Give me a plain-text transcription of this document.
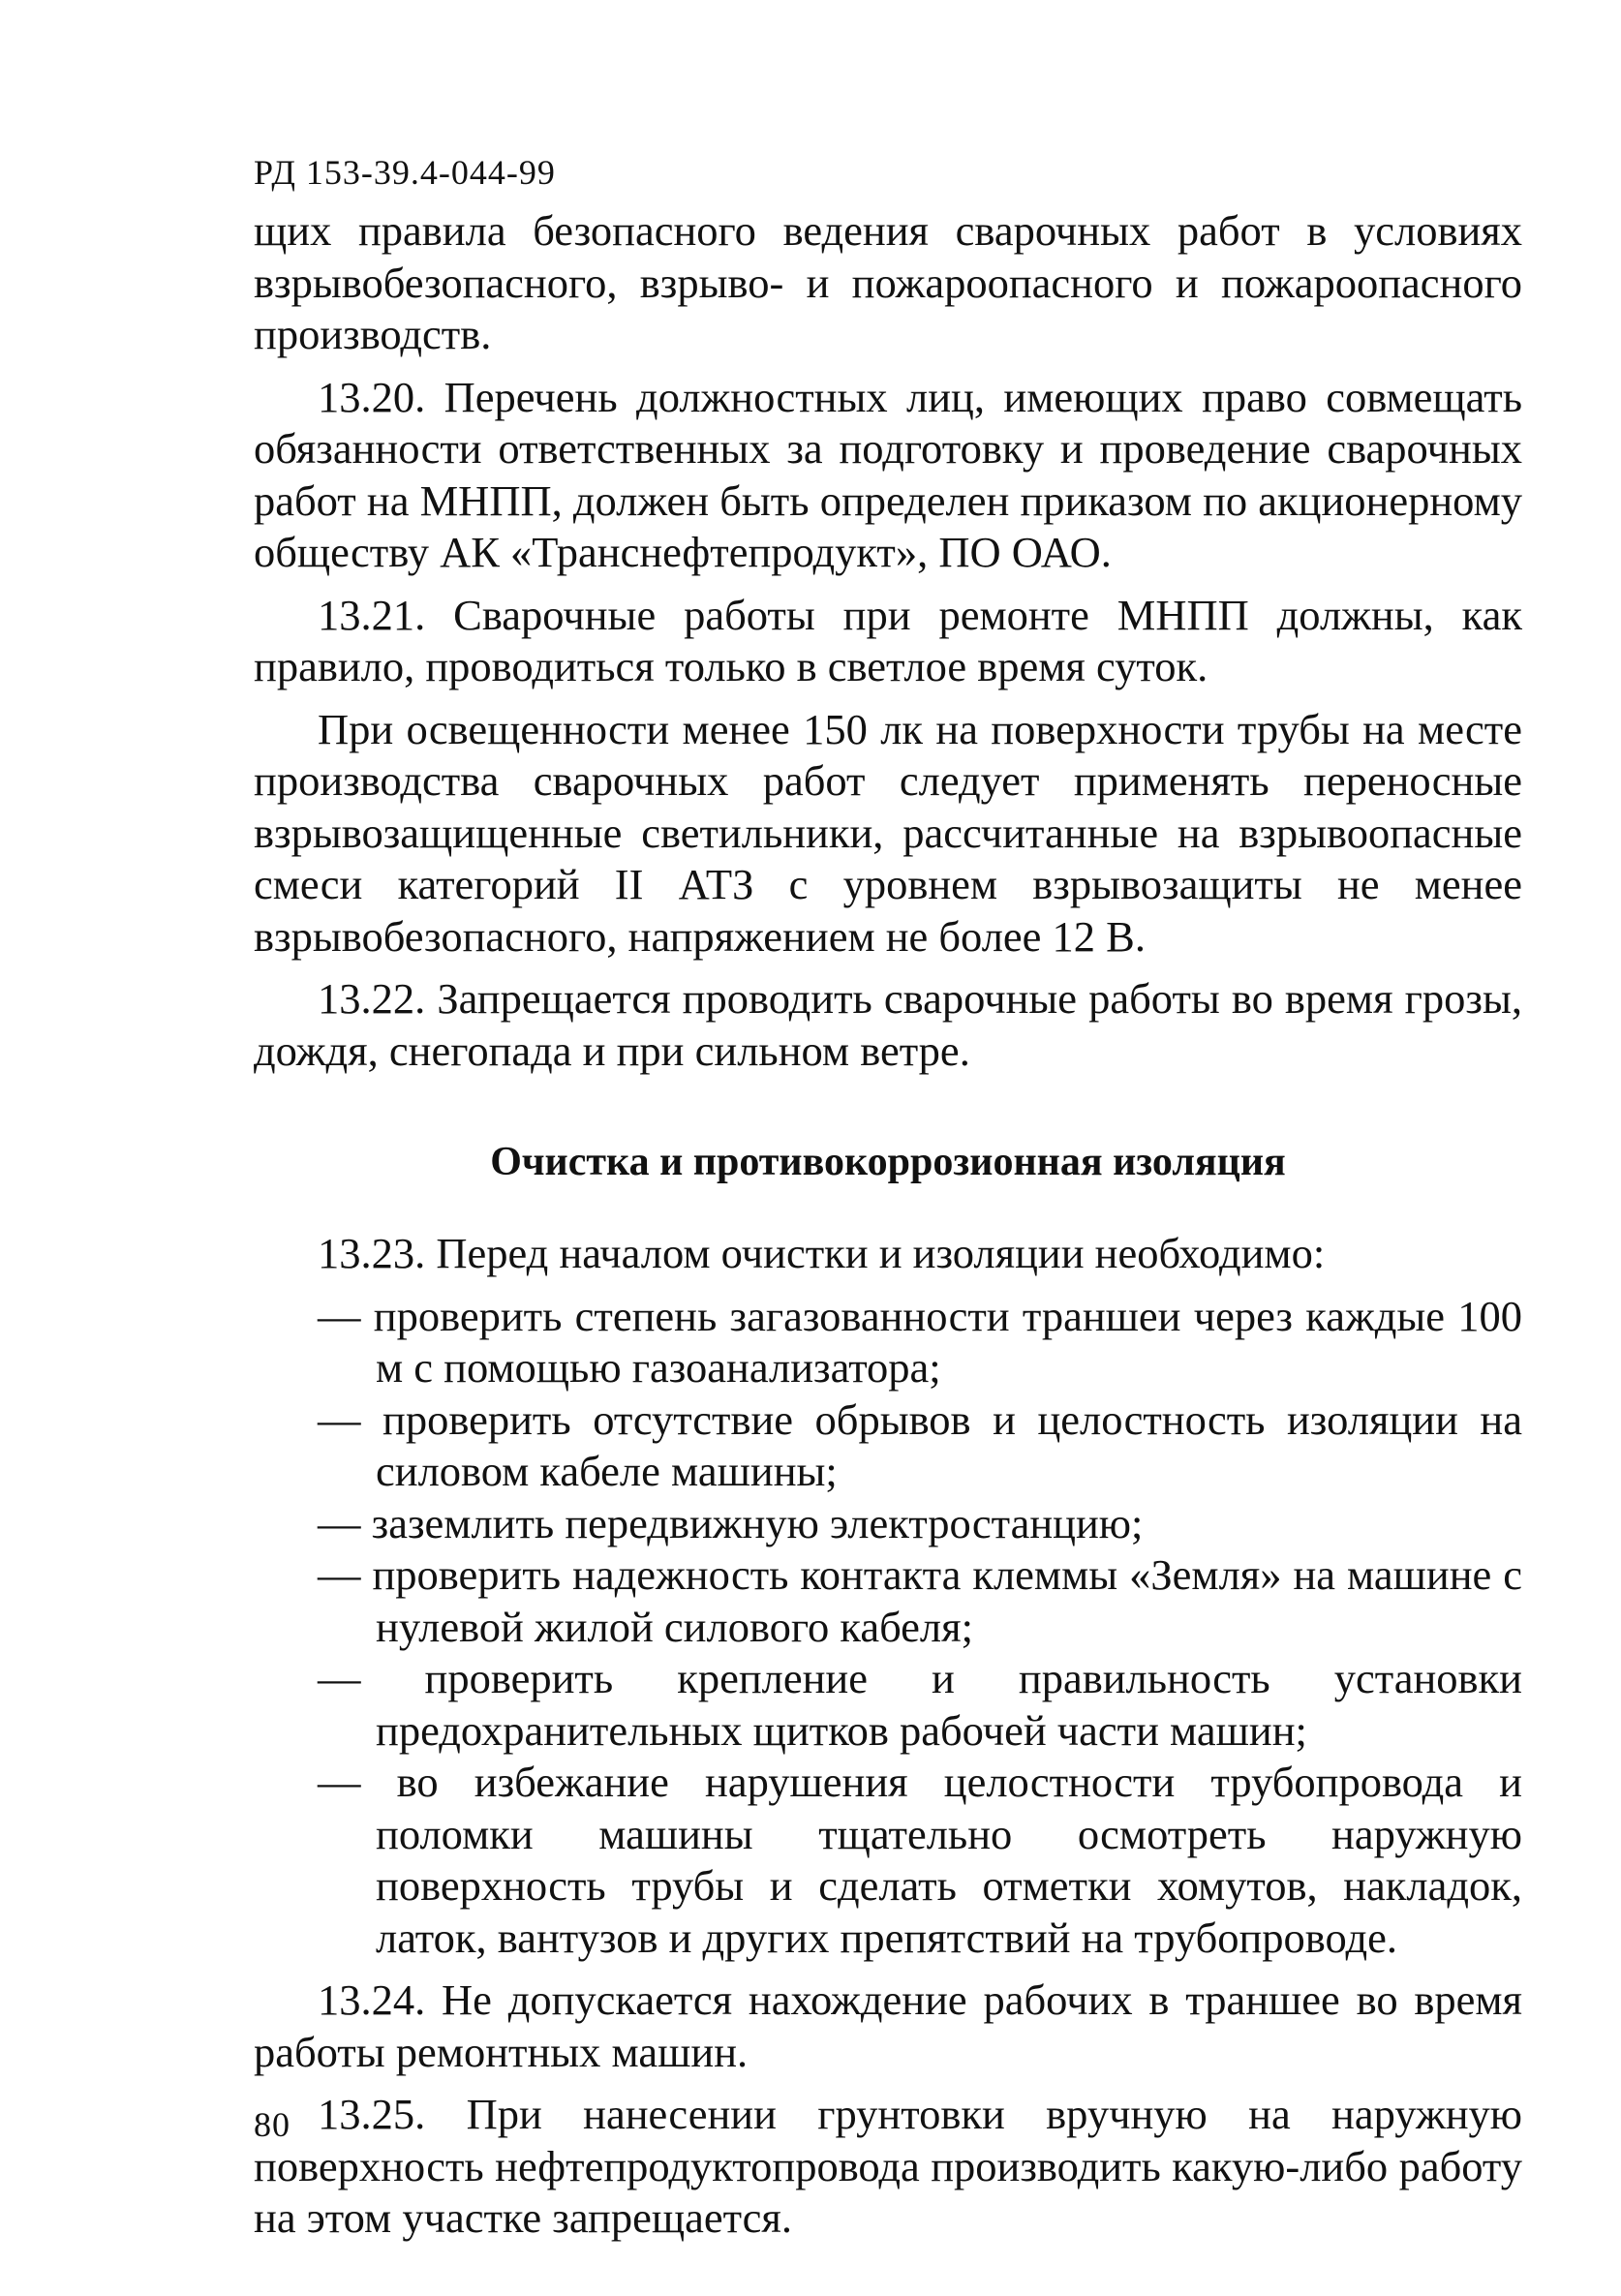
РД 153-39.4-044-99

щих правила безопасного ведения сварочных работ в условиях взрывобезопасного, взрыво- и пожароопасного и пожароопасного производств.

13.20. Перечень должностных лиц, имеющих право совмещать обязанности ответственных за подготовку и проведение сварочных работ на МНПП, должен быть определен приказом по акционерному обществу АК «Транснефтепродукт», ПО ОАО.

13.21. Сварочные работы при ремонте МНПП должны, как правило, проводиться только в светлое время суток.

При освещенности менее 150 лк на поверхности трубы на месте производства сварочных работ следует применять переносные взрывозащищенные светильники, рассчитанные на взрывоопасные смеси категорий II АТЗ с уровнем взрывозащиты не менее взрывобезопасного, напряжением не более 12 В.

13.22. Запрещается проводить сварочные работы во время грозы, дождя, снегопада и при сильном ветре.

Очистка и противокоррозионная изоляция

13.23. Перед началом очистки и изоляции необходимо:

— проверить степень загазованности траншеи через каждые 100 м с помощью газоанализатора;
— проверить отсутствие обрывов и целостность изоляции на силовом кабеле машины;
— заземлить передвижную электростанцию;
— проверить надежность контакта клеммы «Земля» на машине с нулевой жилой силового кабеля;
— проверить крепление и правильность установки предохранительных щитков рабочей части машин;
— во избежание нарушения целостности трубопровода и поломки машины тщательно осмотреть наружную поверхность трубы и сделать отметки хомутов, накладок, латок, вантузов и других препятствий на трубопроводе.

13.24. Не допускается нахождение рабочих в траншее во время работы ремонтных машин.

13.25. При нанесении грунтовки вручную на наружную поверхность нефтепродуктопровода производить какую-либо работу на этом участке запрещается.

80
